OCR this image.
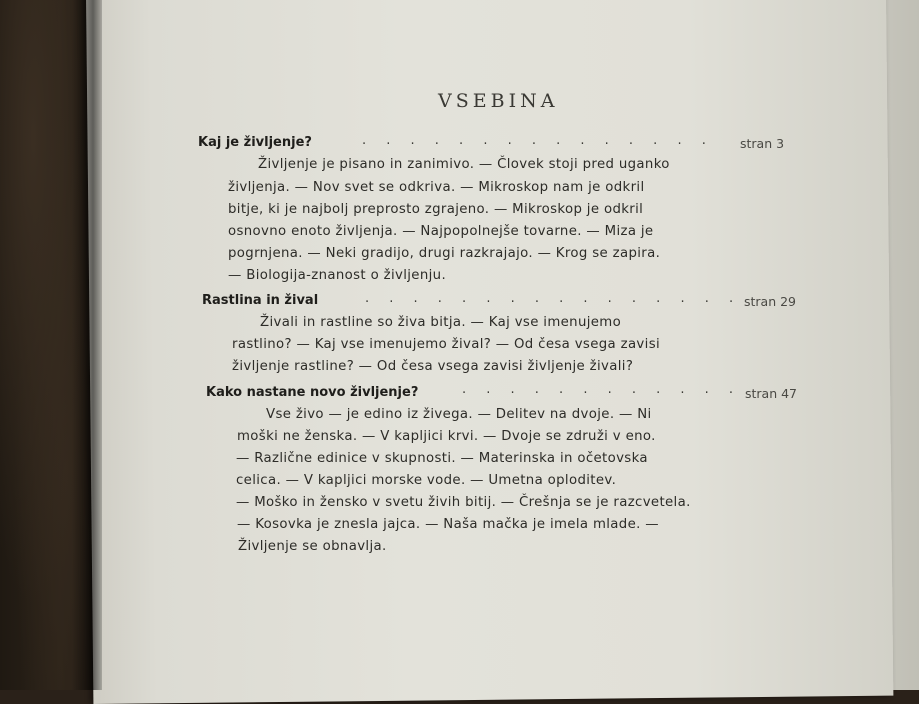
VSEBINA
Kaj je življenje?	. . . . . . . . . . . . . . . stran 3
Življenje je pisano in zanimivo. — Človek stoji pred uganko
življenja. — Nov svet se odkriva. — Mikroskop nam je odkril
bitje, ki je najbolj preprosto zgrajeno. — Mikroskop je odkril
osnovno enoto življenja. — Najpopolnejše tovarne. — Miza je
pogrnjena. — Neki gradijo, drugi razkrajajo. — Krog se zapira.
— Biologija-znanost o življenju.
Rastlina in žival	. . . . . . . . . . . . . . . . stran 29
Živali in rastline so živa bitja. — Kaj vse imenujemo
rastlino? — Kaj vse imenujemo žival? — Od česa vsega zavisi
življenje rastline? — Od česa vsega zavisi življenje živali?
Kako nastane novo življenje?	. . . . . . . . . . . . stran 47
Vse živo — je edino iz živega. — Delitev na dvoje. — Ni
moški ne ženska. — V kapljici krvi. — Dvoje se združi v eno.
— Različne edinice v skupnosti. — Materinska in očetovska
celica. — V kapljici morske vode. — Umetna oploditev.
— Moško in žensko v svetu živih bitij. — Črešnja se je razcvetela.
— Kosovka je znesla jajca. — Naša mačka je imela mlade. —
Življenje se obnavlja.
